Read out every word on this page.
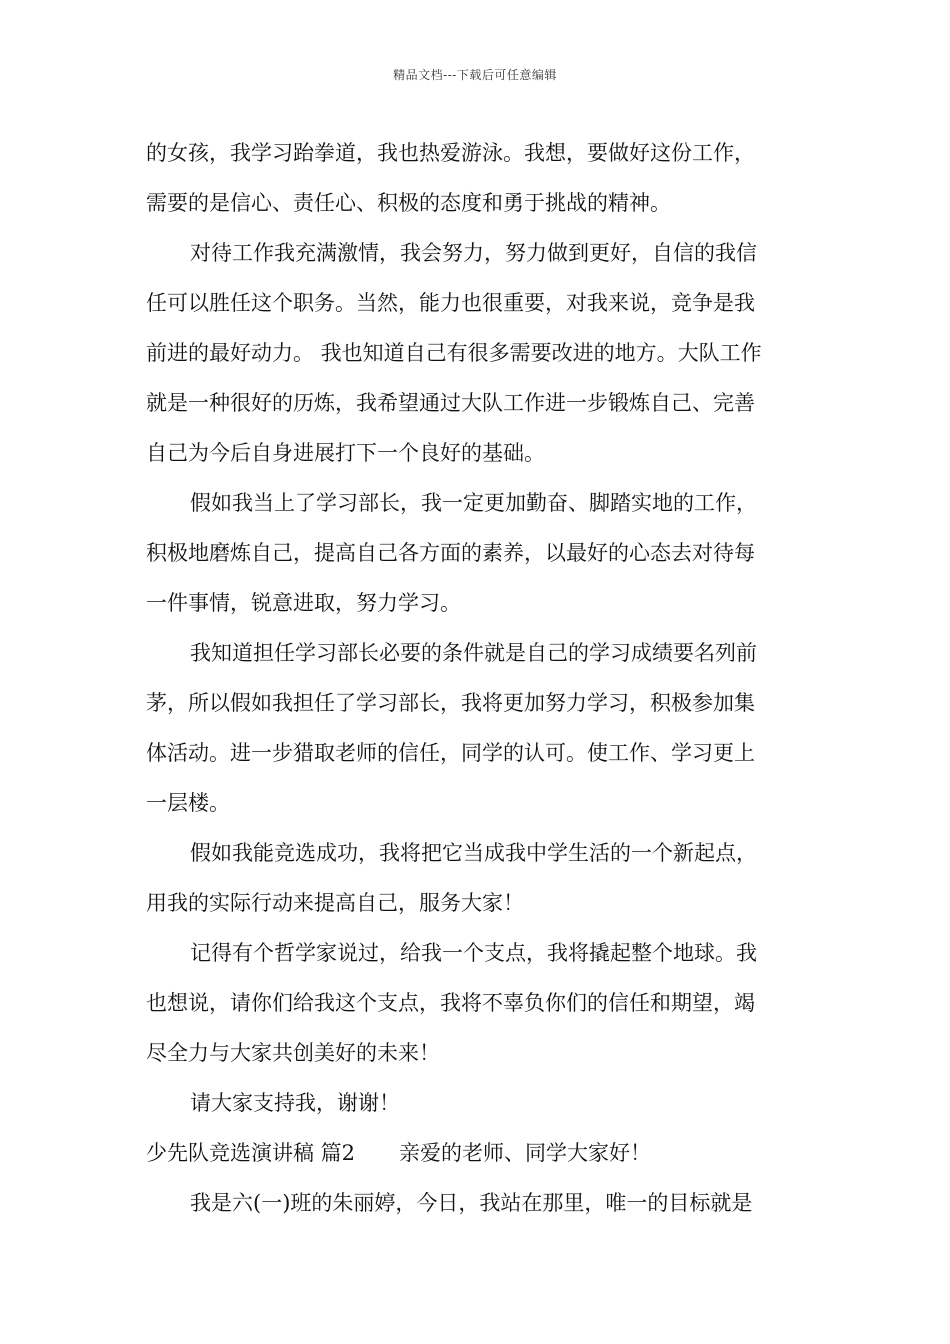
精品文档---下载后可任意编辑
的女孩，我学习跆拳道，我也热爱游泳。我想，要做好这份工作，
需要的是信心、责任心、积极的态度和勇于挑战的精神。
对待工作我充满激情，我会努力，努力做到更好，自信的我信
任可以胜任这个职务。当然，能力也很重要，对我来说，竞争是我
前进的最好动力。 我也知道自己有很多需要改进的地方。大队工作
就是一种很好的历炼，我希望通过大队工作进一步锻炼自己、完善
自己为今后自身进展打下一个良好的基础。
假如我当上了学习部长，我一定更加勤奋、脚踏实地的工作，
积极地磨炼自己，提高自己各方面的素养，以最好的心态去对待每
一件事情，锐意进取，努力学习。
我知道担任学习部长必要的条件就是自己的学习成绩要名列前
茅，所以假如我担任了学习部长，我将更加努力学习，积极参加集
体活动。进一步猎取老师的信任，同学的认可。使工作、学习更上
一层楼。
假如我能竞选成功，我将把它当成我中学生活的一个新起点，
用我的实际行动来提高自己，服务大家！
记得有个哲学家说过，给我一个支点，我将撬起整个地球。我
也想说，请你们给我这个支点，我将不辜负你们的信任和期望，竭
尽全力与大家共创美好的未来！
请大家支持我，谢谢！
少先队竞选演讲稿 篇2 亲爱的老师、同学大家好！
我是六(一)班的朱丽婷，今日，我站在那里，唯一的目标就是
